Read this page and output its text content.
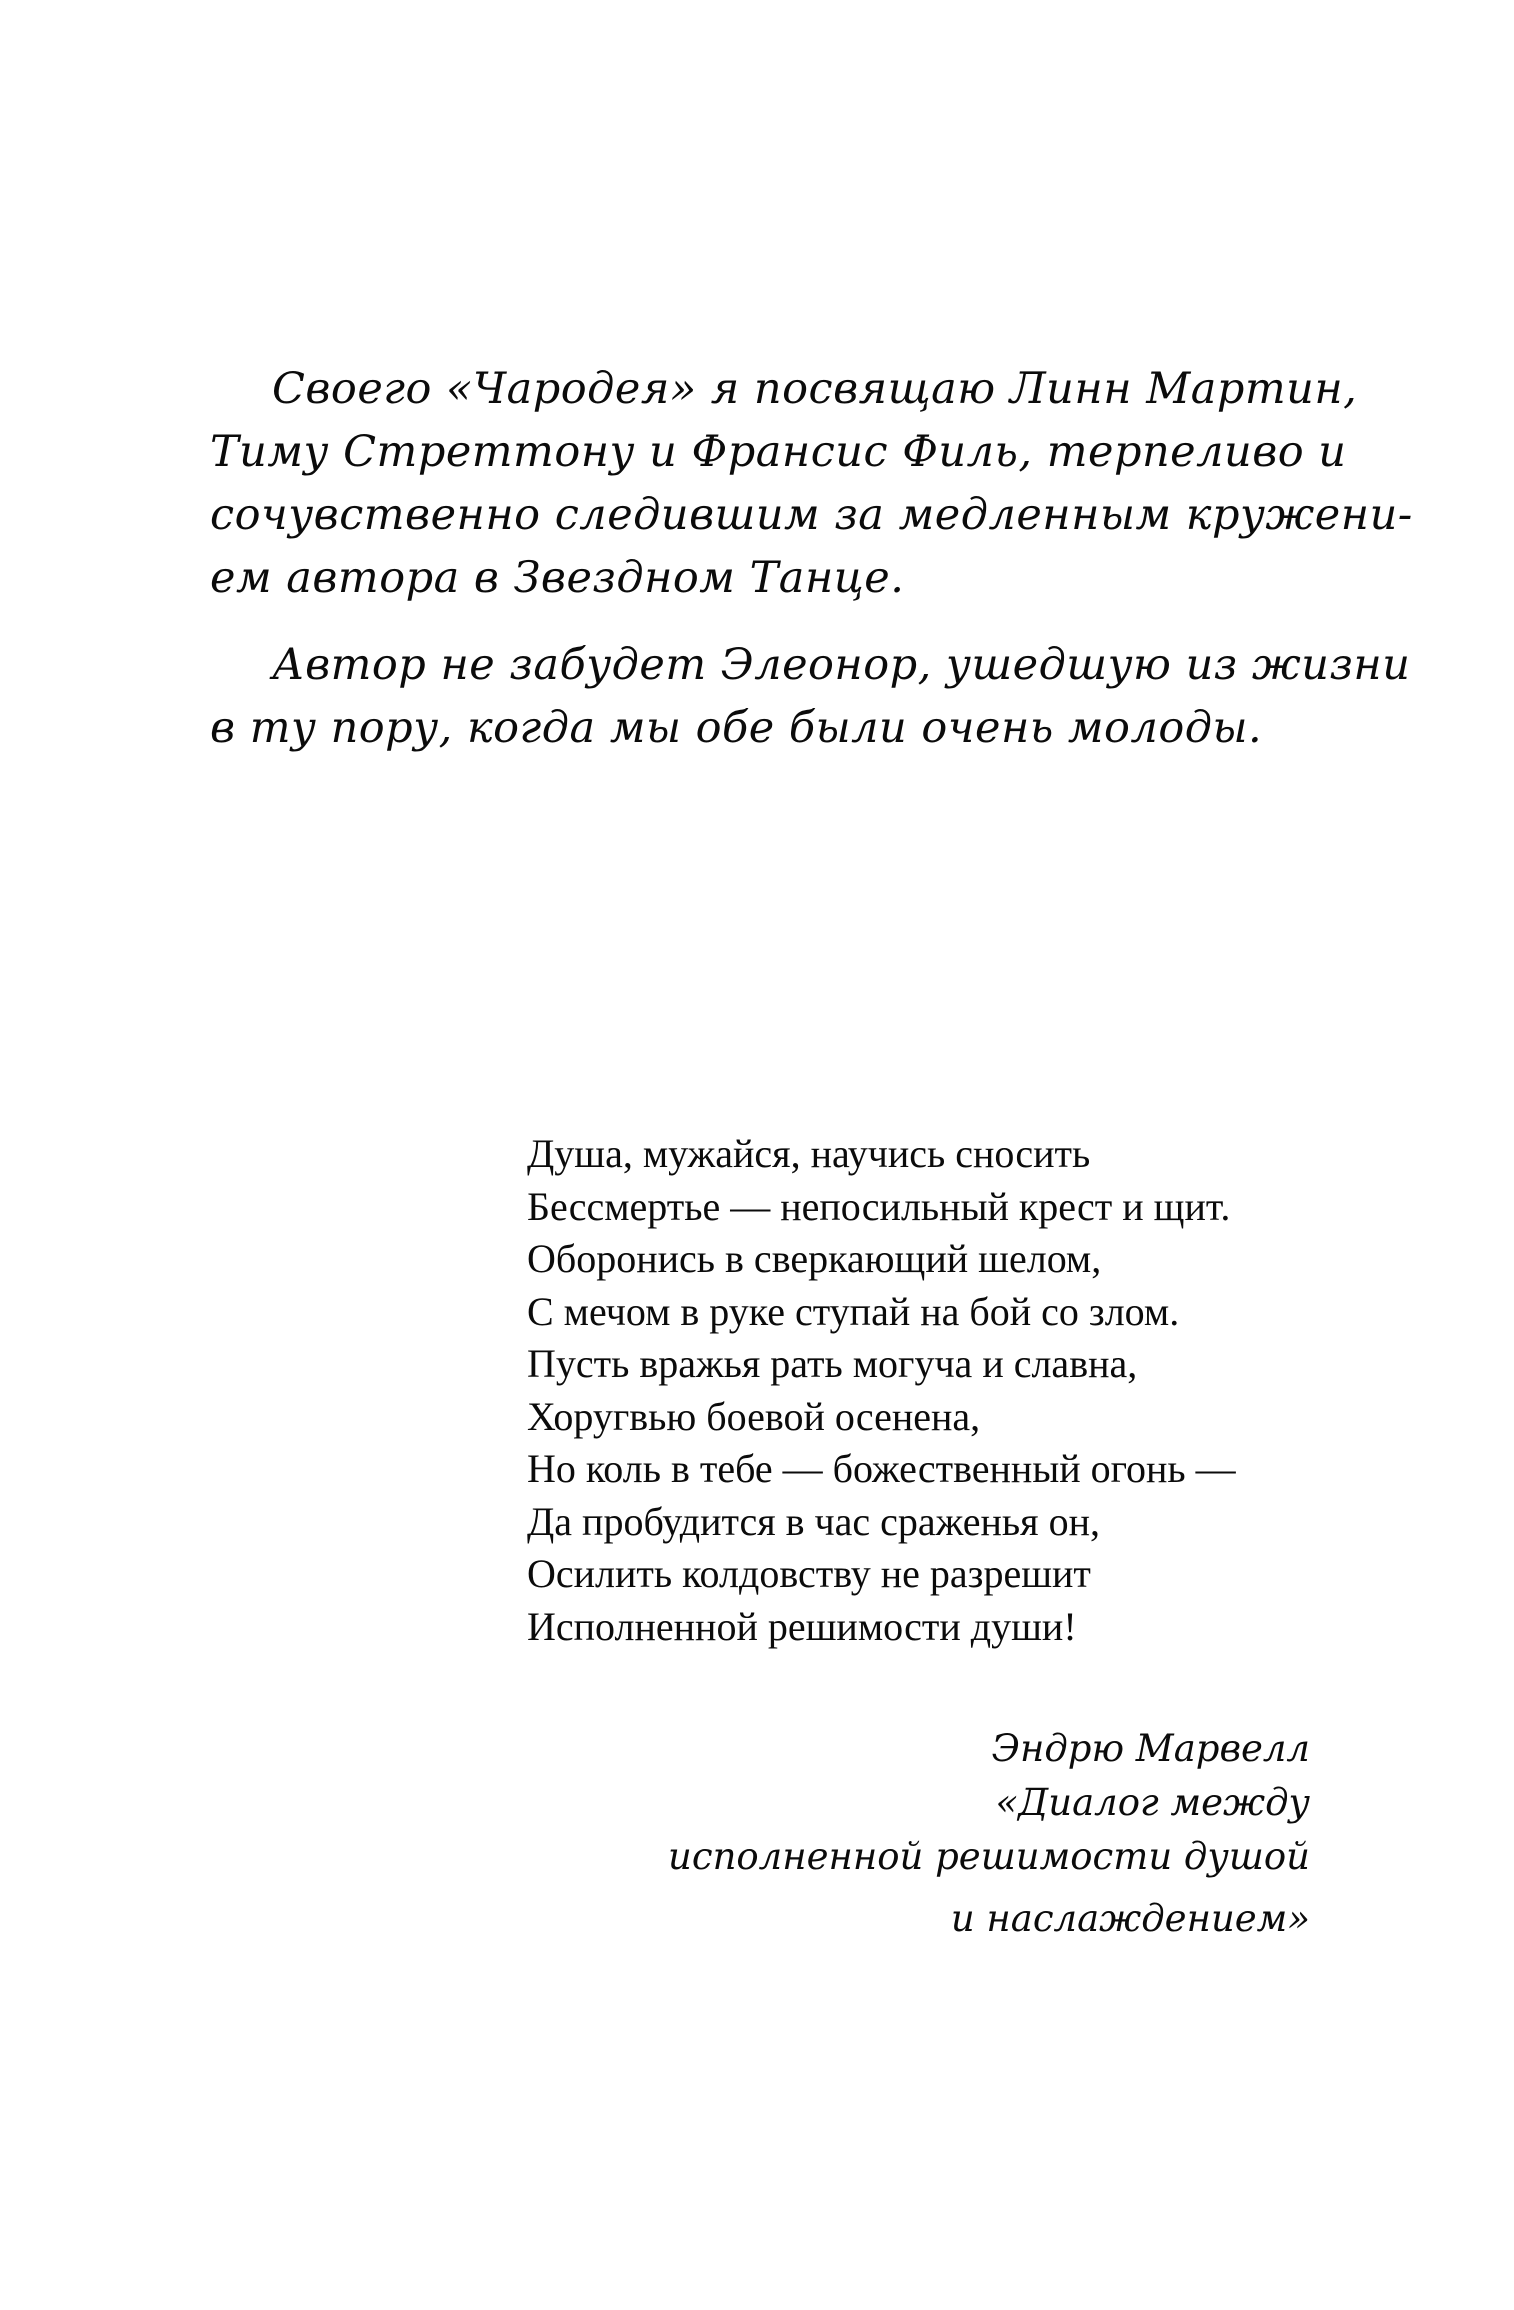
Своего «Чародея» я посвящаю Линн Мартин,
Тиму Стреттону и Франсис Филь, терпеливо и
сочувственно следившим за медленным кружени-
ем автора в Звездном Танце.
Автор не забудет Элеонор, ушедшую из жизни
в ту пору, когда мы обе были очень молоды.
Душа, мужайся, научись сносить
Бессмертье — непосильный крест и щит.
Оборонись в сверкающий шелом,
С мечом в руке ступай на бой со злом.
Пусть вражья рать могуча и славна,
Хоругвью боевой осенена,
Но коль в тебе — божественный огонь —
Да пробудится в час сраженья он,
Осилить колдовству не разрешит
Исполненной решимости души!
Эндрю Марвелл
«Диалог между
исполненной решимости душой
и наслаждением»
